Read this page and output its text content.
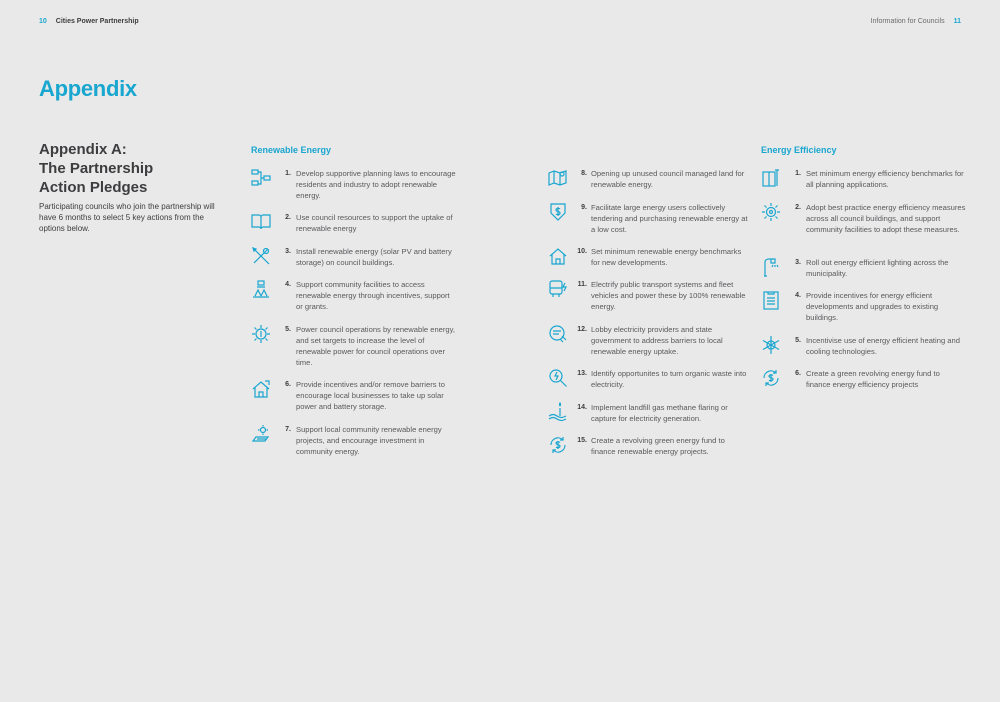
10 Cities Power Partnership	Information for Councils 11
Appendix
Appendix A:
The Partnership
Action Pledges
Participating councils who join the partnership will have 6 months to select 5 key actions from the options below.
Renewable Energy	Energy Efficiency
1. Develop supportive planning laws to encourage residents and industry to adopt renewable energy.
2. Use council resources to support the uptake of renewable energy
3. Install renewable energy (solar PV and battery storage) on council buildings.
4. Support community facilities to access renewable energy through incentives, support or grants.
5. Power council operations by renewable energy, and set targets to increase the level of renewable power for council operations over time.
6. Provide incentives and/or remove barriers to encourage local businesses to take up solar power and battery storage.
7. Support local community renewable energy projects, and encourage investment in community energy.
8. Opening up unused council managed land for renewable energy.
9. Facilitate large energy users collectively tendering and purchasing renewable energy at a low cost.
10. Set minimum renewable energy benchmarks for new developments.
11. Electrify public transport systems and fleet vehicles and power these by 100% renewable energy.
12. Lobby electricity providers and state government to address barriers to local renewable energy uptake.
13. Identify opportunites to turn organic waste into electricity.
14. Implement landfill gas methane flaring or capture for electricity generation.
15. Create a revolving green energy fund to finance renewable energy projects.
1. Set minimum energy efficiency benchmarks for all planning applications.
2. Adopt best practice energy efficiency measures across all council buildings, and support community facilities to adopt these measures.
3. Roll out energy efficient lighting across the municipality.
4. Provide incentives for energy efficient developments and upgrades to existing buildings.
5. Incentivise use of energy efficient heating and cooling technologies.
6. Create a green revolving energy fund to finance energy efficiency projects
